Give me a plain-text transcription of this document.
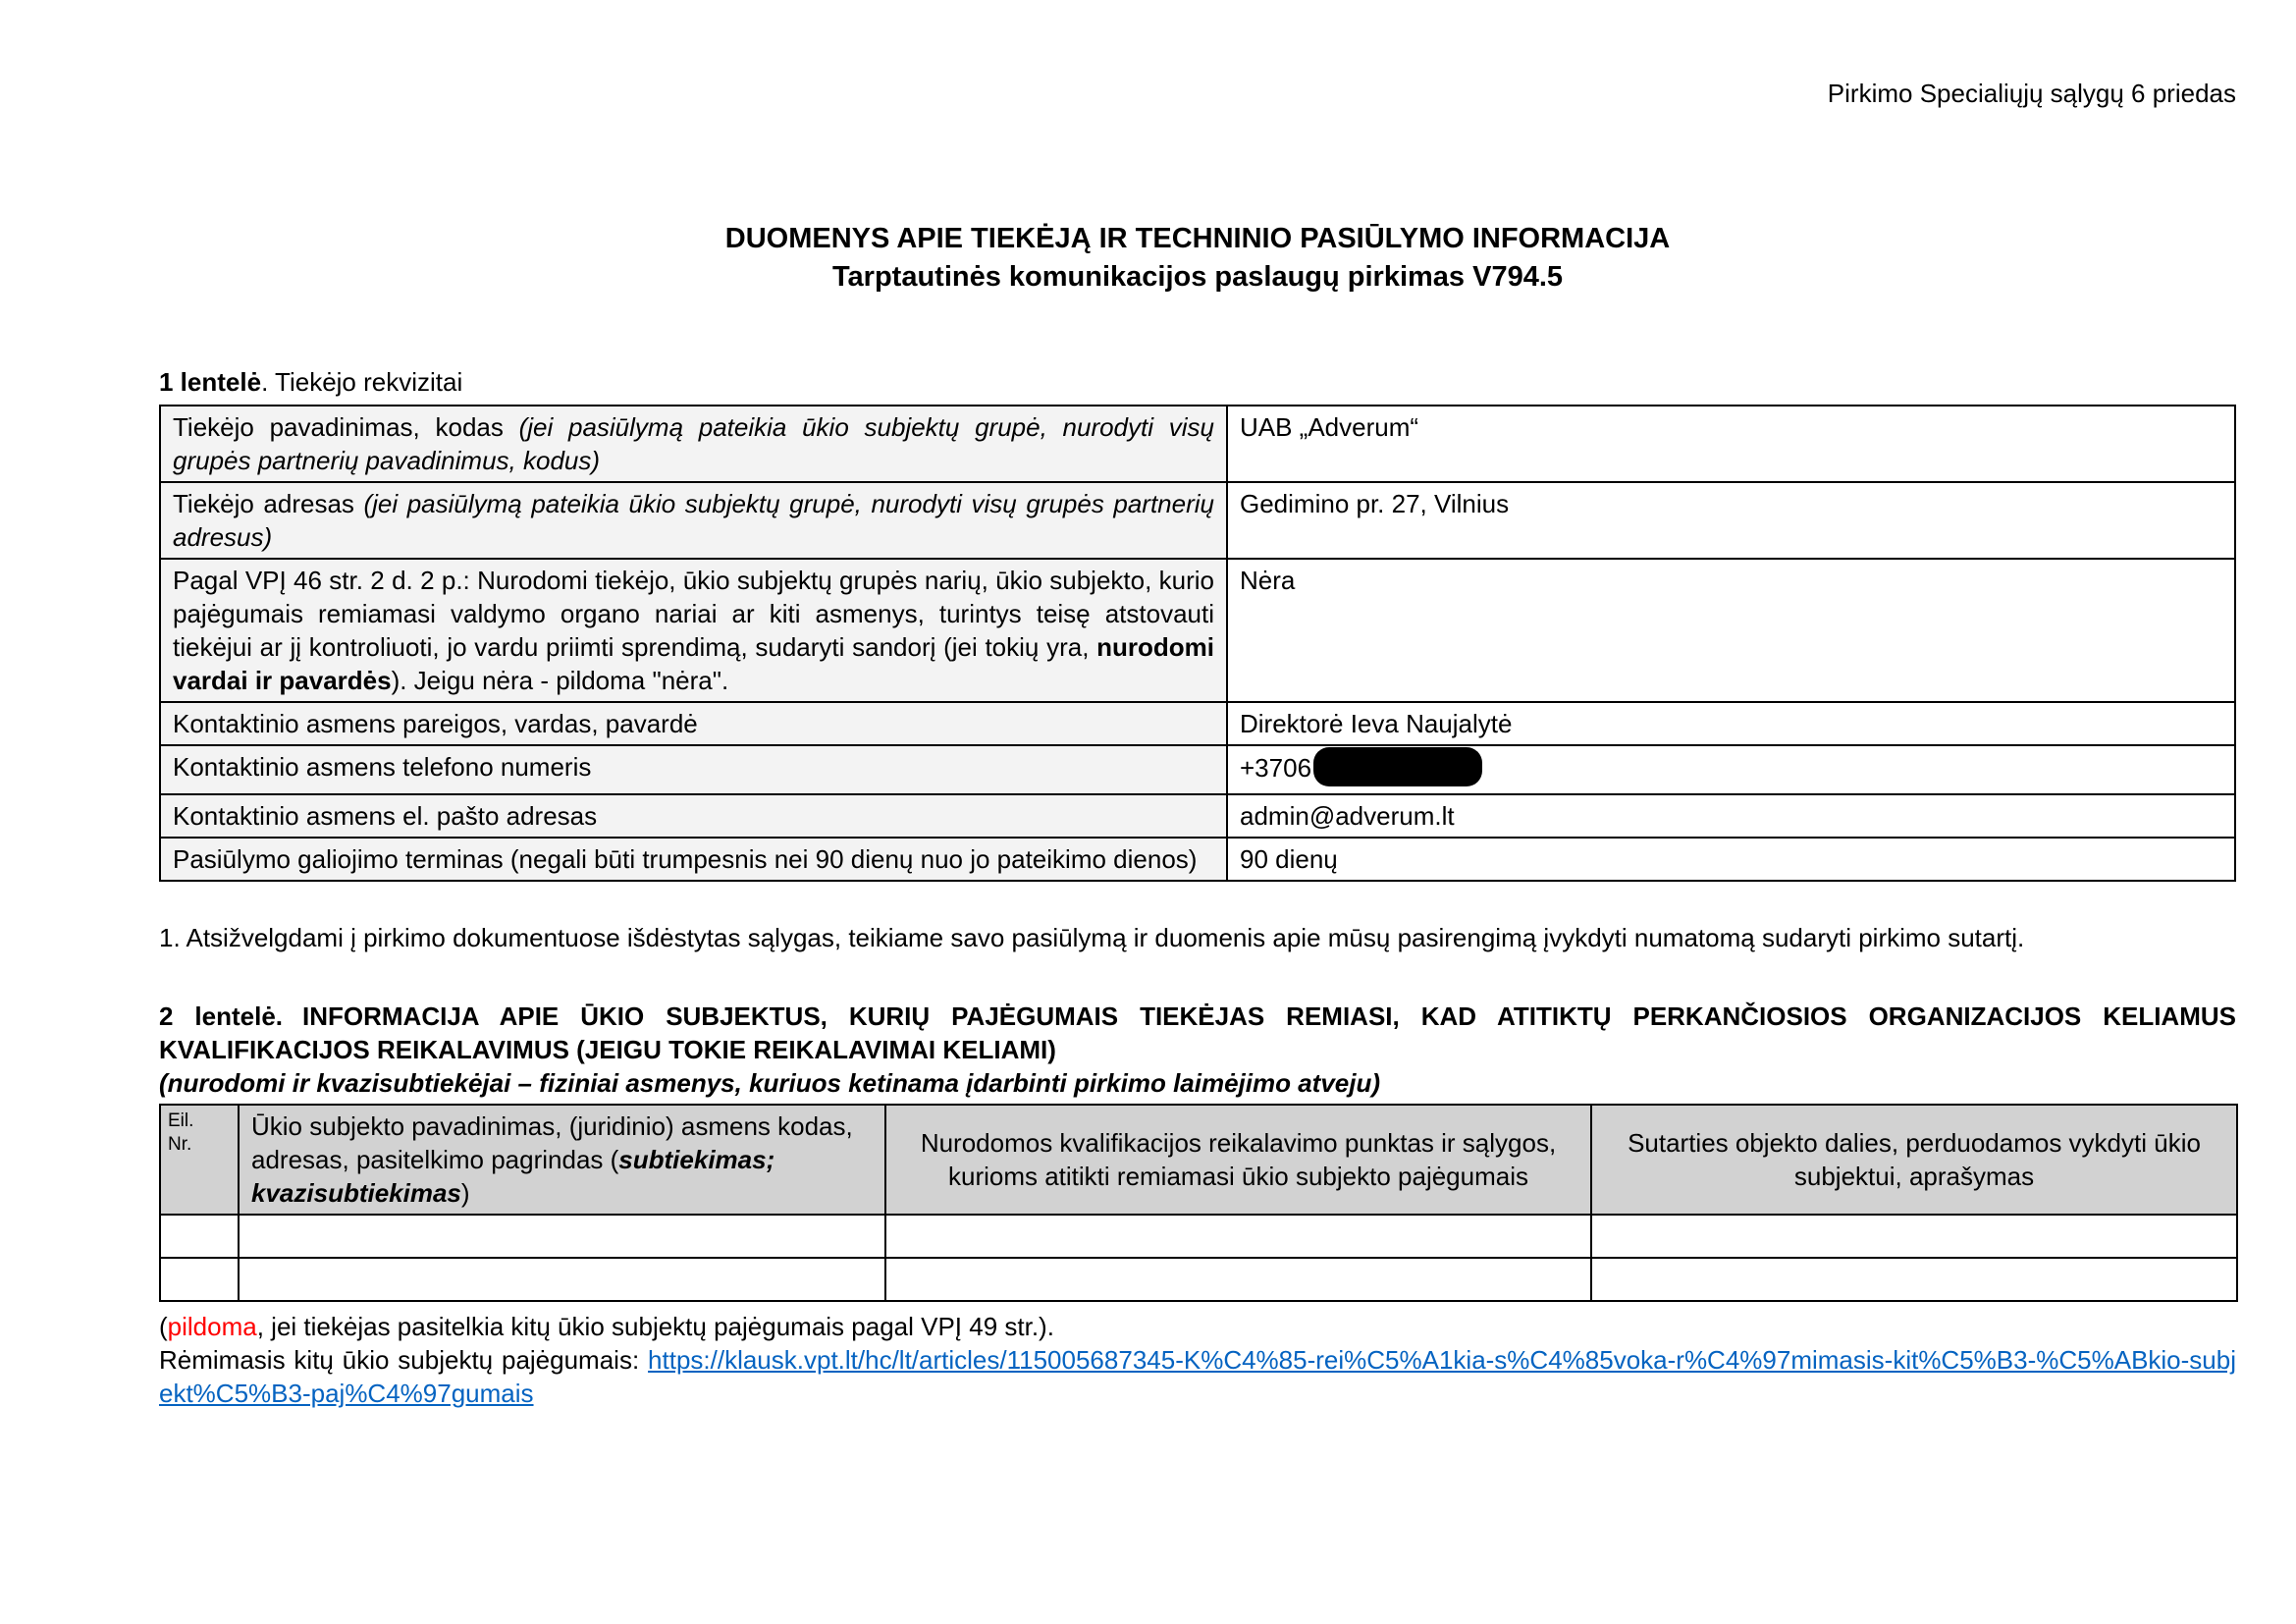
Pirkimo Specialiųjų sąlygų 6 priedas
DUOMENYS APIE TIEKĖJĄ IR TECHNINIO PASIŪLYMO INFORMACIJA
Tarptautinės komunikacijos paslaugų pirkimas V794.5

1 lentelė. Tiekėjo rekvizitai

Tiekėjo pavadinimas, kodas (jei pasiūlymą pateikia ūkio subjektų grupė, nurodyti visų grupės partnerių pavadinimus, kodus)	UAB „Adverum“
Tiekėjo adresas (jei pasiūlymą pateikia ūkio subjektų grupė, nurodyti visų grupės partnerių adresus)	Gedimino pr. 27, Vilnius
Pagal VPĮ 46 str. 2 d. 2 p.: Nurodomi tiekėjo, ūkio subjektų grupės narių, ūkio subjekto, kurio pajėgumais remiamasi valdymo organo nariai ar kiti asmenys, turintys teisę atstovauti tiekėjui ar jį kontroliuoti, jo vardu priimti sprendimą, sudaryti sandorį (jei tokių yra, nurodomi vardai ir pavardės). Jeigu nėra - pildoma "nėra".	Nėra
Kontaktinio asmens pareigos, vardas, pavardė	Direktorė Ieva Naujalytė
Kontaktinio asmens telefono numeris	+3706
Kontaktinio asmens el. pašto adresas	admin@adverum.lt
Pasiūlymo galiojimo terminas (negali būti trumpesnis nei 90 dienų nuo jo pateikimo dienos)	90 dienų

1. Atsižvelgdami į pirkimo dokumentuose išdėstytas sąlygas, teikiame savo pasiūlymą ir duomenis apie mūsų pasirengimą įvykdyti numatomą sudaryti pirkimo sutartį.

2 lentelė. INFORMACIJA APIE ŪKIO SUBJEKTUS, KURIŲ PAJĖGUMAIS TIEKĖJAS REMIASI, KAD ATITIKTŲ PERKANČIOSIOS ORGANIZACIJOS KELIAMUS KVALIFIKACIJOS REIKALAVIMUS (JEIGU TOKIE REIKALAVIMAI KELIAMI)
(nurodomi ir kvazisubtiekėjai – fiziniai asmenys, kuriuos ketinama įdarbinti pirkimo laimėjimo atveju)

Eil.
Nr.	Ūkio subjekto pavadinimas, (juridinio) asmens kodas, adresas, pasitelkimo pagrindas (subtiekimas; kvazisubtiekimas)	Nurodomos kvalifikacijos reikalavimo punktas ir sąlygos, kurioms atitikti remiamasi ūkio subjekto pajėgumais	Sutarties objekto dalies, perduodamos vykdyti ūkio subjektui, aprašymas

(pildoma, jei tiekėjas pasitelkia kitų ūkio subjektų pajėgumais pagal VPĮ 49 str.).

Rėmimasis kitų ūkio subjektų pajėgumais: https://klausk.vpt.lt/hc/lt/articles/115005687345-K%C4%85-rei%C5%A1kia-s%C4%85voka-r%C4%97mimasis-kit%C5%B3-%C5%ABkio-subjekt%C5%B3-paj%C4%97gumais
